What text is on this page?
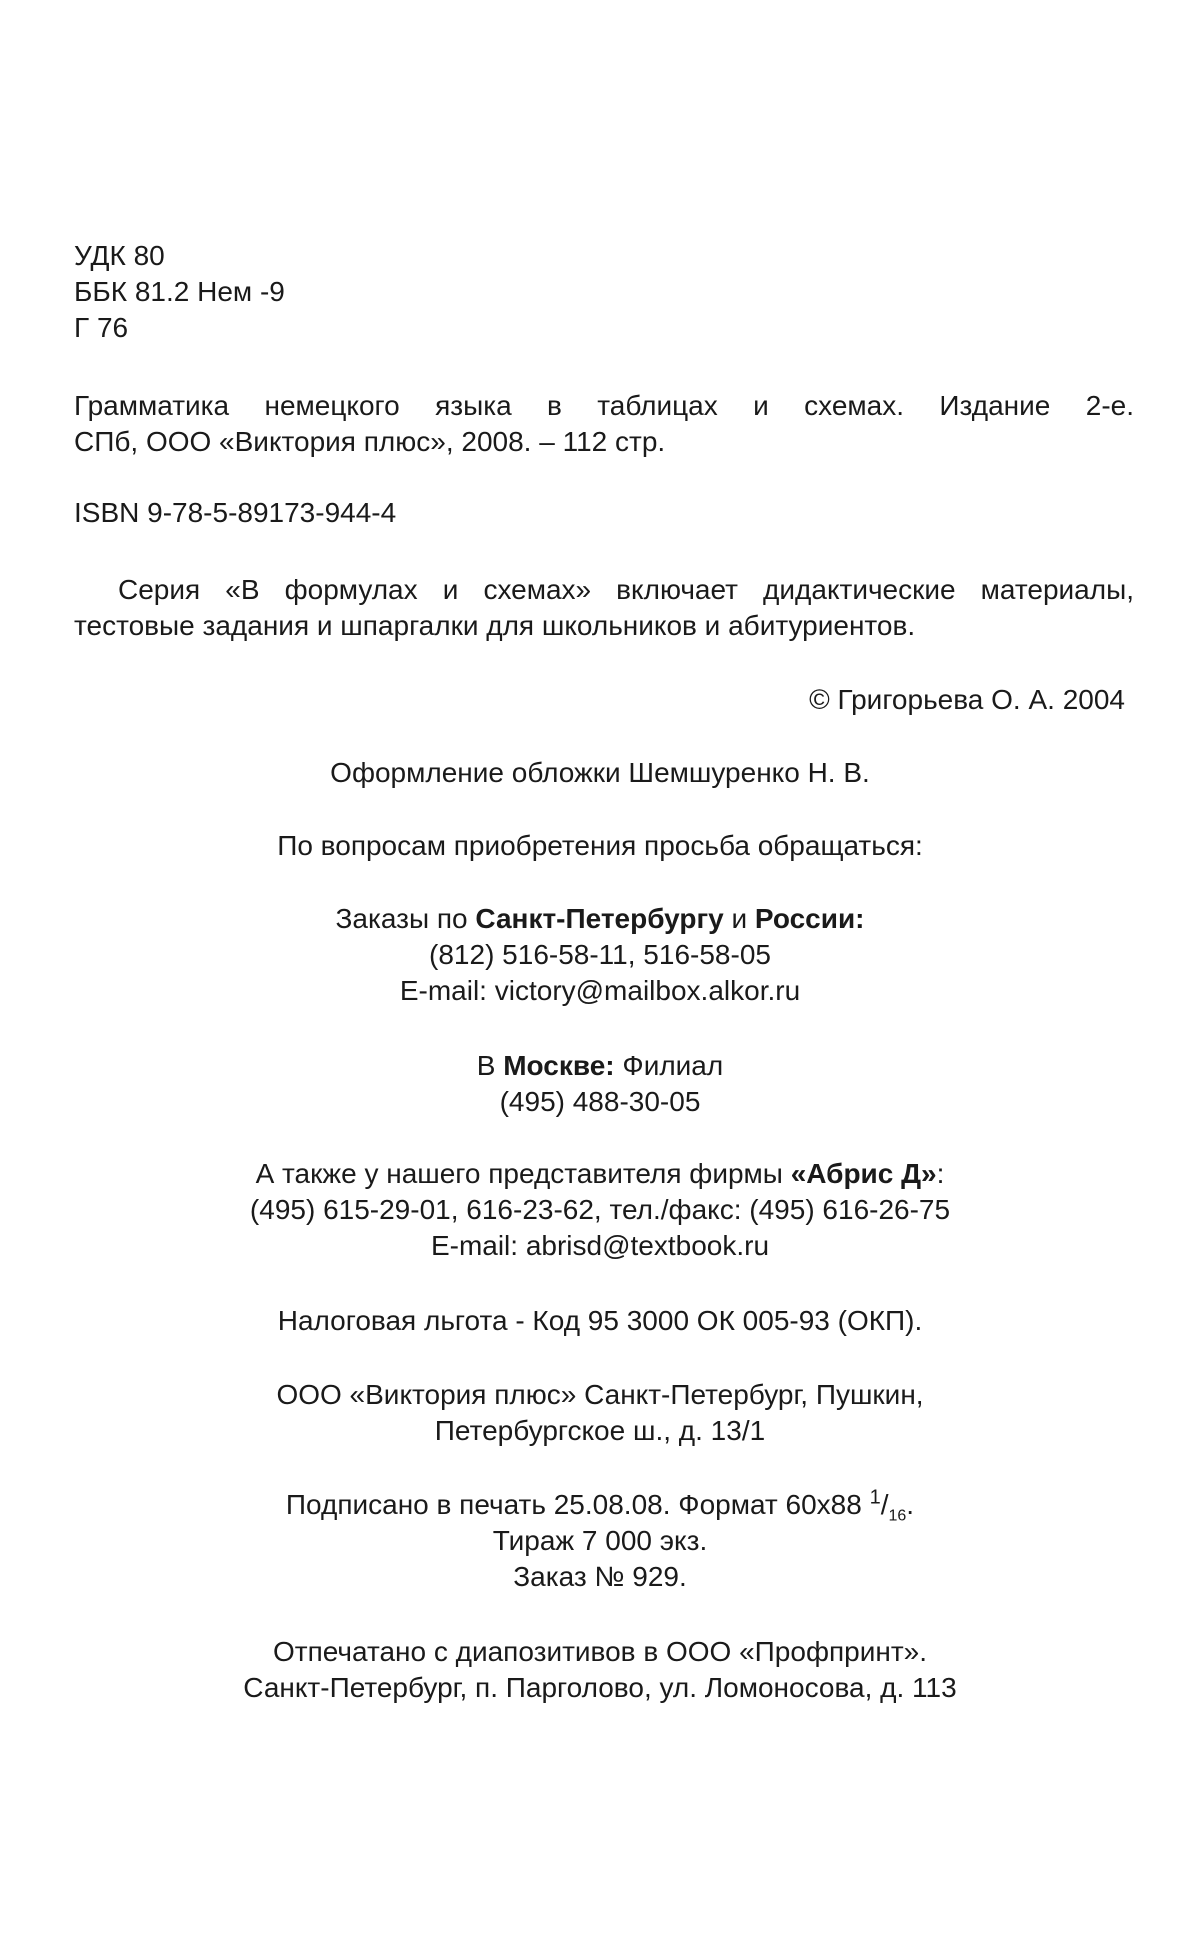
УДК 80
ББК 81.2 Нем -9
Г 76
Грамматика немецкого языка в таблицах и схемах. Издание 2-е.
СПб, ООО «Виктория плюс», 2008. – 112 стр.
ISBN 9-78-5-89173-944-4
Серия «В формулах и схемах» включает дидактические материалы,
тестовые задания и шпаргалки для школьников и абитуриентов.
© Григорьева О. А. 2004
Оформление обложки Шемшуренко Н. В.
По вопросам приобретения просьба обращаться:
Заказы по Санкт-Петербургу и России:
(812) 516-58-11, 516-58-05
E-mail: victory@mailbox.alkor.ru
В Москве: Филиал
(495) 488-30-05
А также у нашего представителя фирмы «Абрис Д»:
(495) 615-29-01, 616-23-62, тел./факс: (495) 616-26-75
E-mail: abrisd@textbook.ru
Налоговая льгота - Код 95 3000 ОК 005-93 (ОКП).
ООО «Виктория плюс» Санкт-Петербург, Пушкин,
Петербургское ш., д. 13/1
Подписано в печать 25.08.08. Формат 60х88 $^1/_{16}$.
Тираж 7 000 экз.
Заказ № 929.
Отпечатано с диапозитивов в ООО «Профпринт».
Санкт-Петербург, п. Парголово, ул. Ломоносова, д. 113
